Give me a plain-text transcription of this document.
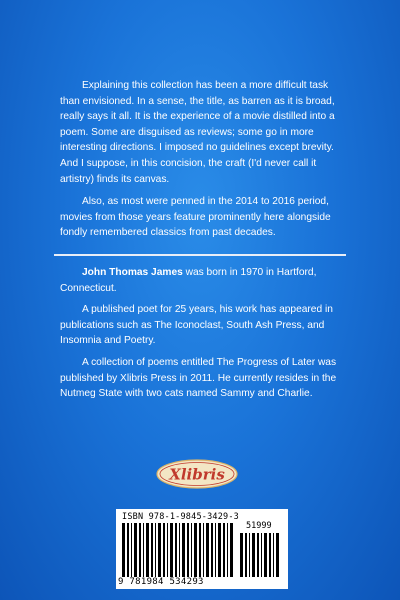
Explaining this collection has been a more difficult task than envisioned. In a sense, the title, as barren as it is broad, really says it all. It is the experience of a movie distilled into a poem. Some are disguised as reviews; some go in more interesting directions. I imposed no guidelines except brevity. And I suppose, in this concision, the craft (I'd never call it artistry) finds its canvas.

Also, as most were penned in the 2014 to 2016 period, movies from those years feature prominently here alongside fondly remembered classics from past decades.

John Thomas James was born in 1970 in Hartford, Connecticut.

A published poet for 25 years, his work has appeared in publications such as The Iconoclast, South Ash Press, and Insomnia and Poetry.

A collection of poems entitled The Progress of Later was published by Xlibris Press in 2011. He currently resides in the Nutmeg State with two cats named Sammy and Charlie.

Xlibris
ISBN 978-1-9845-3429-3
51999
9 781984 534293
